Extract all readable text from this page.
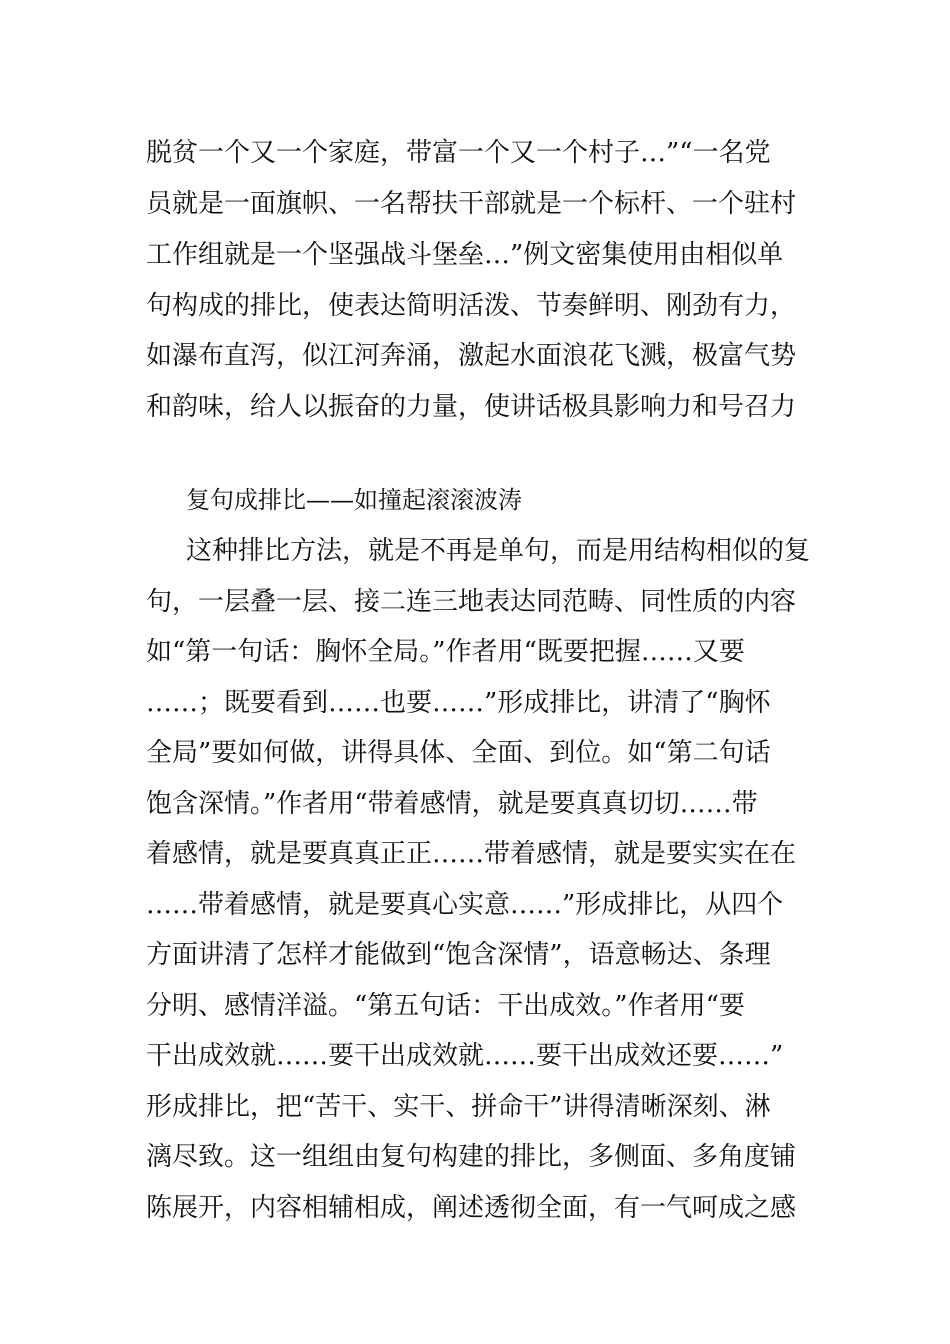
脱贫一个又一个家庭，带富一个又一个村子…”“一名党
员就是一面旗帜、一名帮扶干部就是一个标杆、一个驻村
工作组就是一个坚强战斗堡垒…”例文密集使用由相似单
句构成的排比，使表达简明活泼、节奏鲜明、刚劲有力，
如瀑布直泻，似江河奔涌，激起水面浪花飞溅，极富气势
和韵味，给人以振奋的力量，使讲话极具影响力和号召力
复句成排比——如撞起滚滚波涛
这种排比方法，就是不再是单句，而是用结构相似的复
句，一层叠一层、接二连三地表达同范畴、同性质的内容
如“第一句话：胸怀全局。”作者用“既要把握……又要
……；既要看到……也要……”形成排比，讲清了“胸怀
全局”要如何做，讲得具体、全面、到位。如“第二句话
饱含深情。”作者用“带着感情，就是要真真切切……带
着感情，就是要真真正正……带着感情，就是要实实在在
……带着感情，就是要真心实意……”形成排比，从四个
方面讲清了怎样才能做到“饱含深情”，语意畅达、条理
分明、感情洋溢。“第五句话：干出成效。”作者用“要
干出成效就……要干出成效就……要干出成效还要……”
形成排比，把“苦干、实干、拼命干”讲得清晰深刻、淋
漓尽致。这一组组由复句构建的排比，多侧面、多角度铺
陈展开，内容相辅相成，阐述透彻全面，有一气呵成之感
